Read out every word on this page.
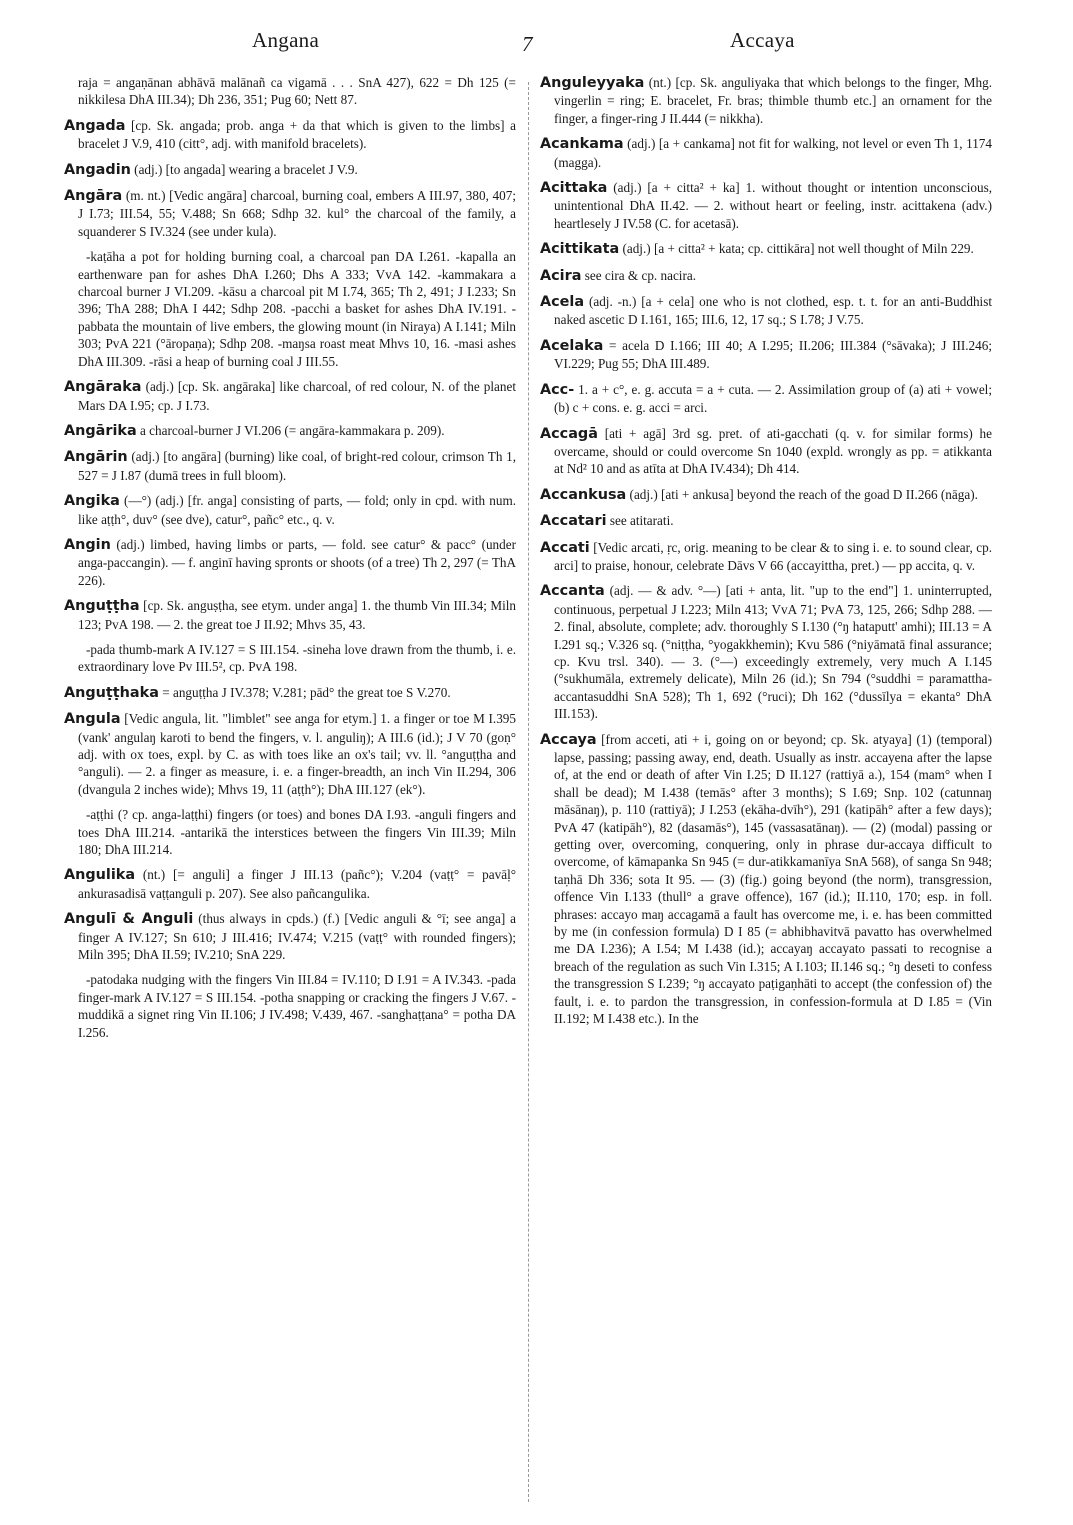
Angana	7	Accaya

raja = angaṇānan abhāvā malānañ ca vigamā . . . SnA 427), 622 = Dh 125 (= nikkilesa DhA III.34); Dh 236, 351; Pug 60; Nett 87.

Angada [cp. Sk. angada; prob. anga + da that which is given to the limbs] a bracelet J V.9, 410 (citt°, adj. with manifold bracelets).

Angadin (adj.) [to angada] wearing a bracelet J V.9.

Angāra (m. nt.) [Vedic angāra] charcoal, burning coal, embers A III.97, 380, 407; J I.73; III.54, 55; V.488; Sn 668; Sdhp 32. kul° the charcoal of the family, a squanderer S IV.324 (see under kula).

-kaṭāha a pot for holding burning coal, a charcoal pan DA I.261. -kapalla an earthenware pan for ashes DhA I.260; Dhs A 333; VvA 142. -kammakara a charcoal burner J VI.209. -kāsu a charcoal pit M I.74, 365; Th 2, 491; J I.233; Sn 396; ThA 288; DhA I 442; Sdhp 208. -pacchi a basket for ashes DhA IV.191. -pabbata the mountain of live embers, the glowing mount (in Niraya) A I.141; Miln 303; PvA 221 (°āropaṇa); Sdhp 208. -maŋsa roast meat Mhvs 10, 16. -masi ashes DhA III.309. -rāsi a heap of burning coal J III.55.

Angāraka (adj.) [cp. Sk. angāraka] like charcoal, of red colour, N. of the planet Mars DA I.95; cp. J I.73.

Angārika a charcoal-burner J VI.206 (= angāra-kammakara p. 209).

Angārin (adj.) [to angāra] (burning) like coal, of bright-red colour, crimson Th 1, 527 = J I.87 (dumā trees in full bloom).

Angika (—°) (adj.) [fr. anga] consisting of parts, — fold; only in cpd. with num. like aṭṭh°, duv° (see dve), catur°, pañc° etc., q. v.

Angin (adj.) limbed, having limbs or parts, — fold. see catur° & pacc° (under anga-paccangin). — f. anginī having spronts or shoots (of a tree) Th 2, 297 (= ThA 226).

Anguṭṭha [cp. Sk. anguṣṭha, see etym. under anga] 1. the thumb Vin III.34; Miln 123; PvA 198. — 2. the great toe J II.92; Mhvs 35, 43.

-pada thumb-mark A IV.127 = S III.154. -sineha love drawn from the thumb, i. e. extraordinary love Pv III.5², cp. PvA 198.

Anguṭṭhaka = anguṭṭha J IV.378; V.281; pād° the great toe S V.270.

Angula [Vedic angula, lit. "limblet" see anga for etym.] 1. a finger or toe M I.395 (vank' angulaŋ karoti to bend the fingers, v. l. anguliŋ); A III.6 (id.); J V 70 (goṇ° adj. with ox toes, expl. by C. as with toes like an ox's tail; vv. ll. °anguṭṭha and °anguli). — 2. a finger as measure, i. e. a finger-breadth, an inch Vin II.294, 306 (dvangula 2 inches wide); Mhvs 19, 11 (aṭṭh°); DhA III.127 (ek°).

-aṭṭhi (? cp. anga-laṭṭhi) fingers (or toes) and bones DA I.93. -anguli fingers and toes DhA III.214. -antarikā the interstices between the fingers Vin III.39; Miln 180; DhA III.214.

Angulika (nt.) [= anguli] a finger J III.13 (pañc°); V.204 (vaṭṭ° = pavāḷ° ankurasadisā vaṭṭanguli p. 207). See also pañcangulika.

Angulī & Anguli (thus always in cpds.) (f.) [Vedic anguli & °ī; see anga] a finger A IV.127; Sn 610; J III.416; IV.474; V.215 (vaṭṭ° with rounded fingers); Miln 395; DhA II.59; IV.210; SnA 229.

-patodaka nudging with the fingers Vin III.84 = IV.110; D I.91 = A IV.343. -pada finger-mark A IV.127 = S III.154. -potha snapping or cracking the fingers J V.67. -muddikā a signet ring Vin II.106; J IV.498; V.439, 467. -sanghaṭṭana° = potha DA I.256.

Anguleyyaka (nt.) [cp. Sk. anguliyaka that which belongs to the finger, Mhg. vingerlin = ring; E. bracelet, Fr. bras; thimble thumb etc.] an ornament for the finger, a finger-ring J II.444 (= nikkha).

Acankama (adj.) [a + cankama] not fit for walking, not level or even Th 1, 1174 (magga).

Acittaka (adj.) [a + citta² + ka] 1. without thought or intention unconscious, unintentional DhA II.42. — 2. without heart or feeling, instr. acittakena (adv.) heartlesely J IV.58 (C. for acetasā).

Acittikata (adj.) [a + citta² + kata; cp. cittikāra] not well thought of Miln 229.

Acira see cira & cp. nacira.

Acela (adj. -n.) [a + cela] one who is not clothed, esp. t. t. for an anti-Buddhist naked ascetic D I.161, 165; III.6, 12, 17 sq.; S I.78; J V.75.

Acelaka = acela D I.166; III 40; A I.295; II.206; III.384 (°sāvaka); J III.246; VI.229; Pug 55; DhA III.489.

Acc- 1. a + c°, e. g. accuta = a + cuta. — 2. Assimilation group of (a) ati + vowel; (b) c + cons. e. g. acci = arci.

Accagā [ati + agā] 3rd sg. pret. of ati-gacchati (q. v. for similar forms) he overcame, should or could overcome Sn 1040 (expld. wrongly as pp. = atikkanta at Nd² 10 and as atīta at DhA IV.434); Dh 414.

Accankusa (adj.) [ati + ankusa] beyond the reach of the goad D II.266 (nāga).

Accatari see atitarati.

Accati [Vedic arcati, ṛc, orig. meaning to be clear & to sing i. e. to sound clear, cp. arci] to praise, honour, celebrate Dāvs V 66 (accayittha, pret.) — pp accita, q. v.

Accanta (adj. — & adv. °—) [ati + anta, lit. "up to the end"] 1. uninterrupted, continuous, perpetual J I.223; Miln 413; VvA 71; PvA 73, 125, 266; Sdhp 288. — 2. final, absolute, complete; adv. thoroughly S I.130 (°ŋ hataputt' amhi); III.13 = A I.291 sq.; V.326 sq. (°niṭṭha, °yogakkhemin); Kvu 586 (°niyāmatā final assurance; cp. Kvu trsl. 340). — 3. (°—) exceedingly extremely, very much A I.145 (°sukhumāla, extremely delicate), Miln 26 (id.); Sn 794 (°suddhi = paramattha-accantasuddhi SnA 528); Th 1, 692 (°ruci); Dh 162 (°dussīlya = ekanta° DhA III.153).

Accaya [from acceti, ati + i, going on or beyond; cp. Sk. atyaya] (1) (temporal) lapse, passing; passing away, end, death. Usually as instr. accayena after the lapse of, at the end or death of after Vin I.25; D II.127 (rattiyā a.), 154 (mam° when I shall be dead); M I.438 (temās° after 3 months); S I.69; Snp. 102 (catunnaŋ māsānaŋ), p. 110 (rattiyā); J I.253 (ekāha-dvīh°), 291 (katipāh° after a few days); PvA 47 (katipāh°), 82 (dasamās°), 145 (vassasatānaŋ). — (2) (modal) passing or getting over, overcoming, conquering, only in phrase dur-accaya difficult to overcome, of kāmapanka Sn 945 (= dur-atikkamanīya SnA 568), of sanga Sn 948; taṇhā Dh 336; sota It 95. — (3) (fig.) going beyond (the norm), transgression, offence Vin I.133 (thull° a grave offence), 167 (id.); II.110, 170; esp. in foll. phrases: accayo maŋ accagamā a fault has overcome me, i. e. has been committed by me (in confession formula) D I 85 (= abhibhavitvā pavatto has overwhelmed me DA I.236); A I.54; M I.438 (id.); accayaŋ accayato passati to recognise a breach of the regulation as such Vin I.315; A I.103; II.146 sq.; °ŋ deseti to confess the transgression S I.239; °ŋ accayato paṭigaṇhāti to accept (the confession of) the fault, i. e. to pardon the transgression, in confession-formula at D I.85 = (Vin II.192; M I.438 etc.). In the
